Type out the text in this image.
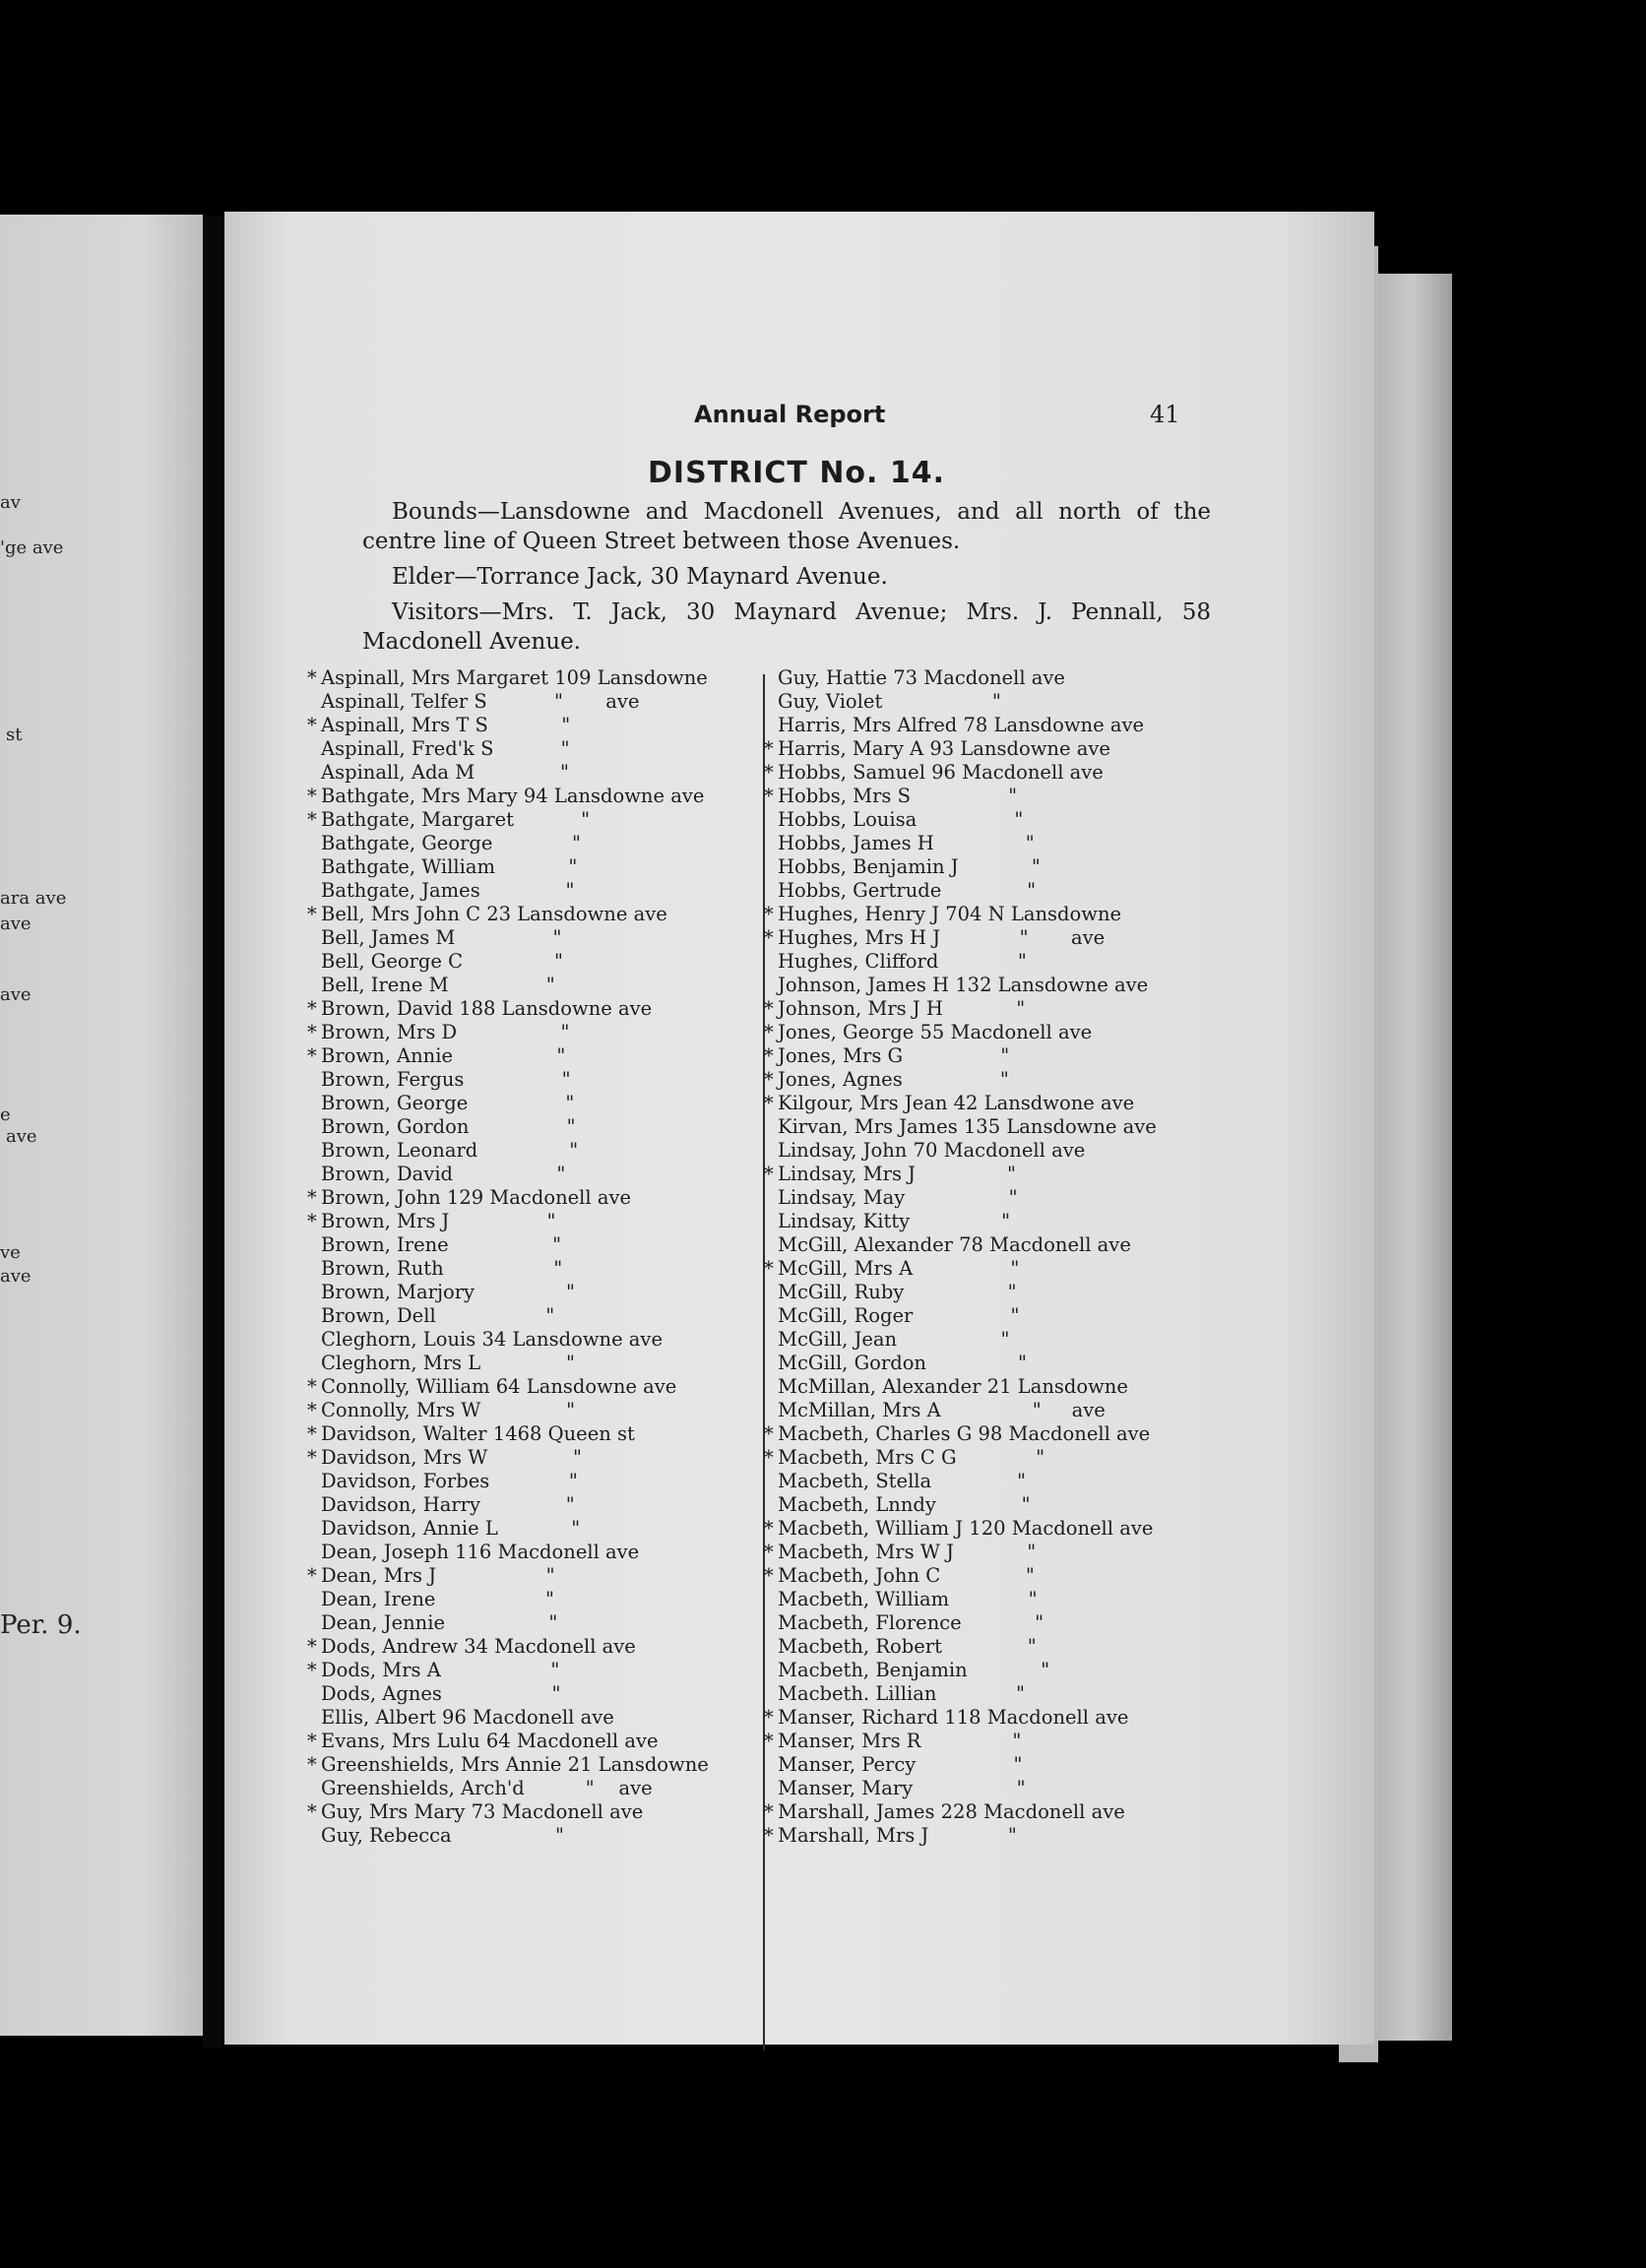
av
'ge ave
st
ara ave
ave
ave
e
ave
ve
ave
Per. 9.
Annual Report	41
DISTRICT No. 14.

Bounds—Lansdowne and Macdonell Avenues, and all north of the centre line of Queen Street between those Avenues.

Elder—Torrance Jack, 30 Maynard Avenue.

Visitors—Mrs. T. Jack, 30 Maynard Avenue; Mrs. J. Pennall, 58 Macdonell Avenue.

* Aspinall, Mrs Margaret 109 Lansdowne
Aspinall, Telfer S           "       ave
* Aspinall, Mrs T S            "
Aspinall, Fred'k S           "
Aspinall, Ada M              "
* Bathgate, Mrs Mary 94 Lansdowne ave
* Bathgate, Margaret           "
Bathgate, George             "
Bathgate, William            "
Bathgate, James              "
* Bell, Mrs John C 23 Lansdowne ave
Bell, James M                "
Bell, George C               "
Bell, Irene M                "
* Brown, David 188 Lansdowne ave
* Brown, Mrs D                 "
* Brown, Annie                 "
Brown, Fergus                "
Brown, George                "
Brown, Gordon                "
Brown, Leonard               "
Brown, David                 "
* Brown, John 129 Macdonell ave
* Brown, Mrs J                "
Brown, Irene                 "
Brown, Ruth                  "
Brown, Marjory               "
Brown, Dell                  "
Cleghorn, Louis 34 Lansdowne ave
Cleghorn, Mrs L              "
* Connolly, William 64 Lansdowne ave
* Connolly, Mrs W              "
* Davidson, Walter 1468 Queen st
* Davidson, Mrs W              "
Davidson, Forbes             "
Davidson, Harry              "
Davidson, Annie L            "
Dean, Joseph 116 Macdonell ave
* Dean, Mrs J                  "
Dean, Irene                  "
Dean, Jennie                 "
* Dods, Andrew 34 Macdonell ave
* Dods, Mrs A                  "
Dods, Agnes                  "
Ellis, Albert 96 Macdonell ave
* Evans, Mrs Lulu 64 Macdonell ave
* Greenshields, Mrs Annie 21 Lansdowne
Greenshields, Arch'd          "    ave
* Guy, Mrs Mary 73 Macdonell ave
Guy, Rebecca                 "
Guy, Hattie 73 Macdonell ave
Guy, Violet                  "
Harris, Mrs Alfred 78 Lansdowne ave
* Harris, Mary A 93 Lansdowne ave
* Hobbs, Samuel 96 Macdonell ave
* Hobbs, Mrs S                "
Hobbs, Louisa                "
Hobbs, James H               "
Hobbs, Benjamin J            "
Hobbs, Gertrude              "
* Hughes, Henry J 704 N Lansdowne
* Hughes, Mrs H J             "       ave
Hughes, Clifford             "
Johnson, James H 132 Lansdowne ave
* Johnson, Mrs J H            "
* Jones, George 55 Macdonell ave
* Jones, Mrs G                "
* Jones, Agnes                "
* Kilgour, Mrs Jean 42 Lansdwone ave
Kirvan, Mrs James 135 Lansdowne ave
Lindsay, John 70 Macdonell ave
* Lindsay, Mrs J               "
Lindsay, May                 "
Lindsay, Kitty               "
McGill, Alexander 78 Macdonell ave
* McGill, Mrs A                "
McGill, Ruby                 "
McGill, Roger                "
McGill, Jean                 "
McGill, Gordon               "
McMillan, Alexander 21 Lansdowne
McMillan, Mrs A               "     ave
* Macbeth, Charles G 98 Macdonell ave
* Macbeth, Mrs C G             "
Macbeth, Stella              "
Macbeth, Lnndy              "
* Macbeth, William J 120 Macdonell ave
* Macbeth, Mrs W J            "
* Macbeth, John C              "
Macbeth, William             "
Macbeth, Florence            "
Macbeth, Robert              "
Macbeth, Benjamin            "
Macbeth. Lillian             "
* Manser, Richard 118 Macdonell ave
* Manser, Mrs R               "
Manser, Percy                "
Manser, Mary                 "
* Marshall, James 228 Macdonell ave
* Marshall, Mrs J             "
